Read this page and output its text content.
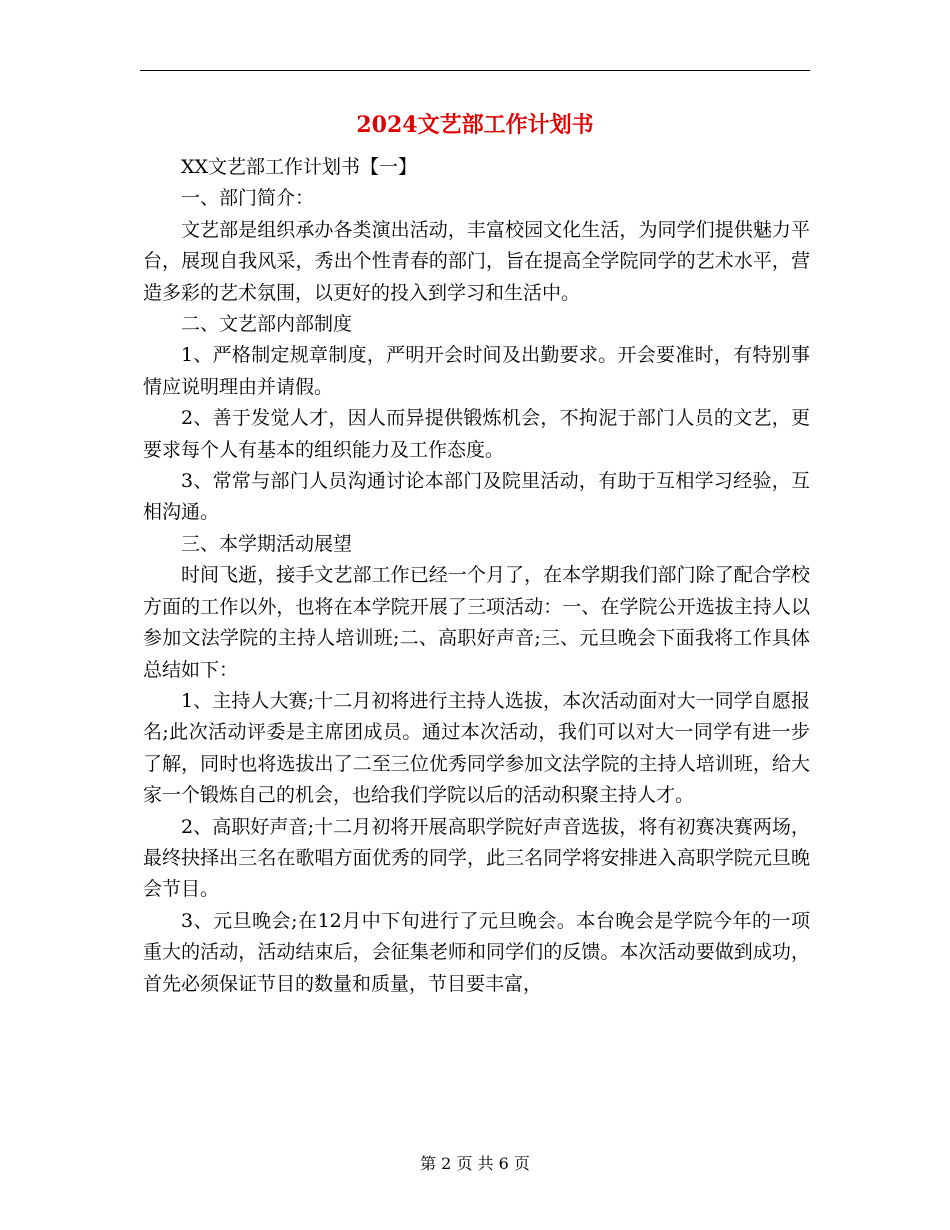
2024文艺部工作计划书

XX文艺部工作计划书【一】

一、部门简介：

文艺部是组织承办各类演出活动，丰富校园文化生活，为同学们提供魅力平台，展现自我风采，秀出个性青春的部门，旨在提高全学院同学的艺术水平，营造多彩的艺术氛围，以更好的投入到学习和生活中。

二、文艺部内部制度

1、严格制定规章制度，严明开会时间及出勤要求。开会要准时，有特别事情应说明理由并请假。

2、善于发觉人才，因人而异提供锻炼机会，不拘泥于部门人员的文艺，更要求每个人有基本的组织能力及工作态度。

3、常常与部门人员沟通讨论本部门及院里活动，有助于互相学习经验，互相沟通。

三、本学期活动展望

时间飞逝，接手文艺部工作已经一个月了，在本学期我们部门除了配合学校方面的工作以外，也将在本学院开展了三项活动：一、在学院公开选拔主持人以参加文法学院的主持人培训班;二、高职好声音;三、元旦晚会下面我将工作具体总结如下：

1、主持人大赛;十二月初将进行主持人选拔，本次活动面对大一同学自愿报名;此次活动评委是主席团成员。通过本次活动，我们可以对大一同学有进一步了解，同时也将选拔出了二至三位优秀同学参加文法学院的主持人培训班，给大家一个锻炼自己的机会，也给我们学院以后的活动积聚主持人才。

2、高职好声音;十二月初将开展高职学院好声音选拔，将有初赛决赛两场，最终抉择出三名在歌唱方面优秀的同学，此三名同学将安排进入高职学院元旦晚会节目。

3、元旦晚会;在12月中下旬进行了元旦晚会。本台晚会是学院今年的一项重大的活动，活动结束后，会征集老师和同学们的反馈。本次活动要做到成功，首先必须保证节目的数量和质量，节目要丰富，

第 2 页 共 6 页
